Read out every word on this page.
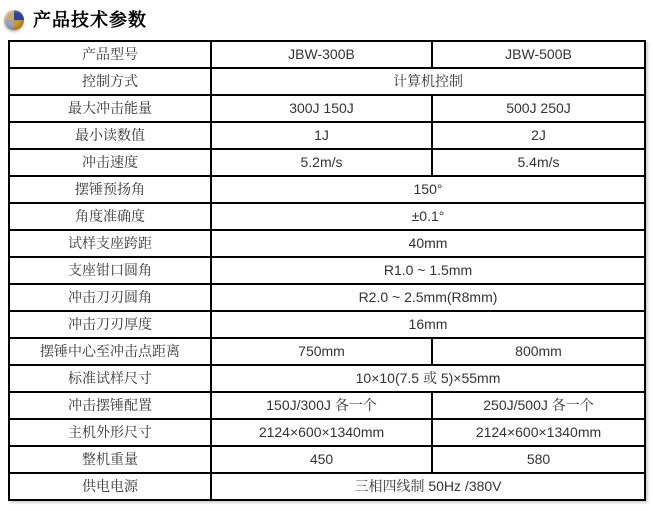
产品技术参数
产品型号	JBW-300B	JBW-500B
控制方式	计算机控制	
最大冲击能量	300J 150J	500J 250J
最小读数值	1J	2J
冲击速度	5.2m/s	5.4m/s
摆锤预扬角	150°	
角度准确度	±0.1°	
试样支座跨距	40mm	
支座钳口圆角	R1.0 ~ 1.5mm	
冲击刀刃圆角	R2.0 ~ 2.5mm(R8mm)	
冲击刀刃厚度	16mm	
摆锤中心至冲击点距离	750mm	800mm
标准试样尺寸	10×10(7.5 或 5)×55mm	
冲击摆锤配置	150J/300J 各一个	250J/500J 各一个
主机外形尺寸	2124×600×1340mm	2124×600×1340mm
整机重量	450	580
供电电源	三相四线制 50Hz /380V	
